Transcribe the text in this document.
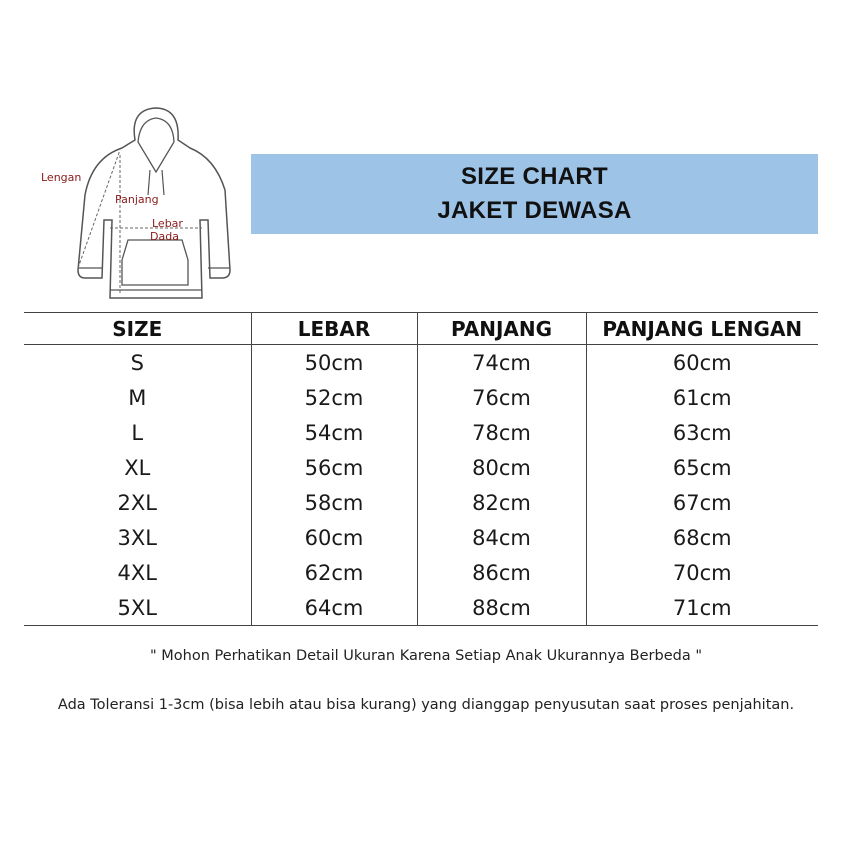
Lengan
Panjang
Lebar
Dada
SIZE CHART
JAKET DEWASA
SIZE	LEBAR	PANJANG	PANJANG LENGAN
S	50cm	74cm	60cm
M	52cm	76cm	61cm
L	54cm	78cm	63cm
XL	56cm	80cm	65cm
2XL	58cm	82cm	67cm
3XL	60cm	84cm	68cm
4XL	62cm	86cm	70cm
5XL	64cm	88cm	71cm
" Mohon Perhatikan Detail Ukuran Karena Setiap Anak Ukurannya Berbeda "
Ada Toleransi 1-3cm (bisa lebih atau bisa kurang) yang dianggap penyusutan saat proses penjahitan.
